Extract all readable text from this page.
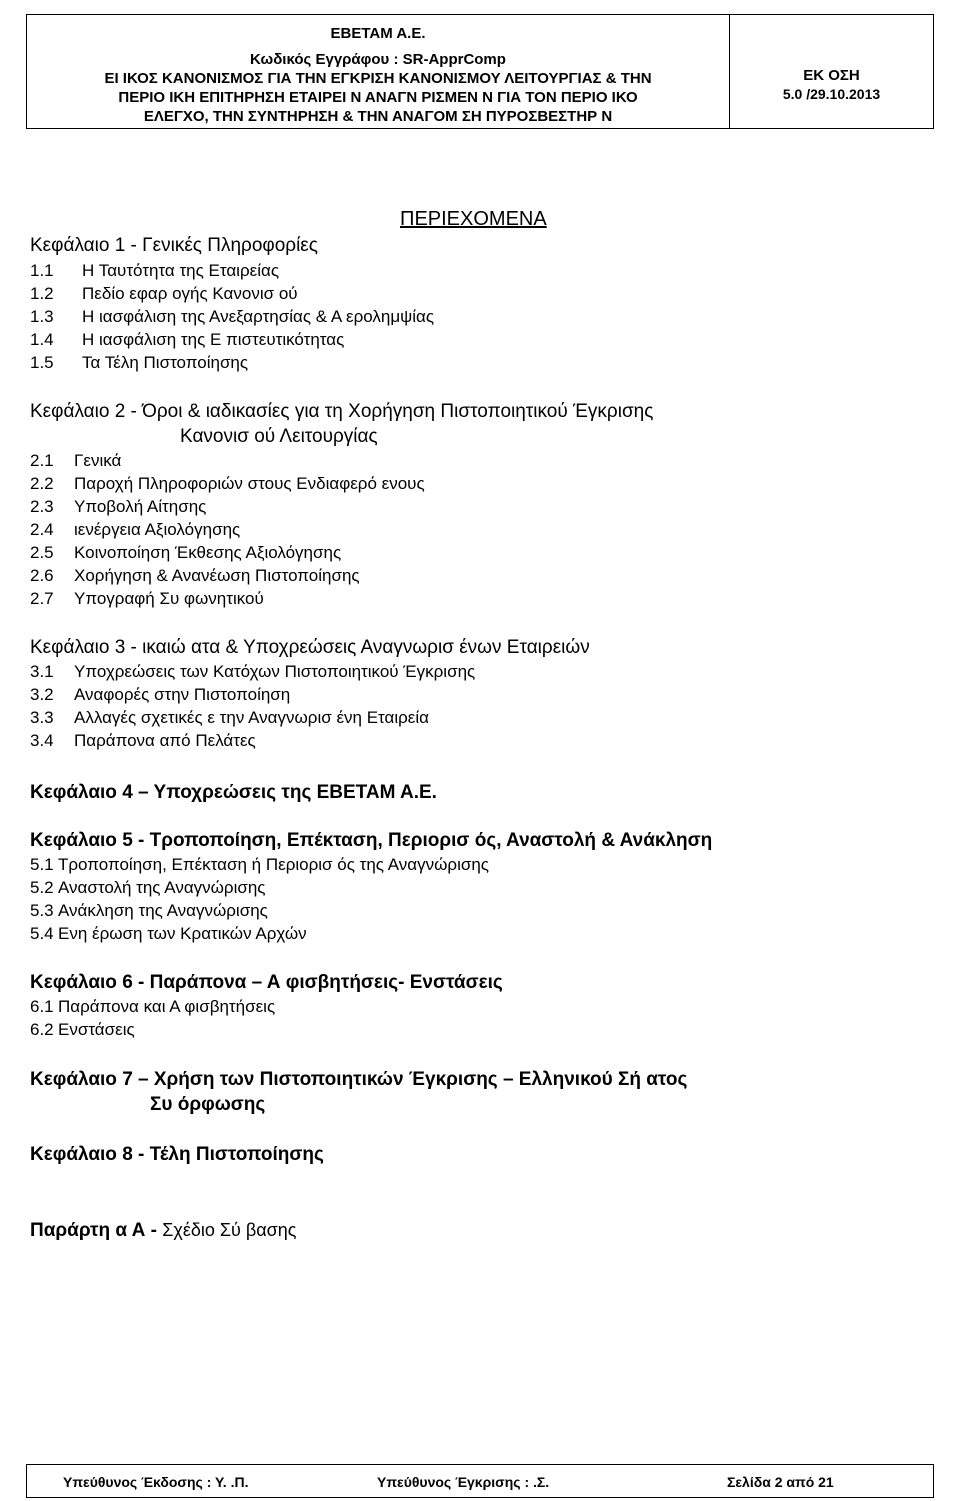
ΕΒΕΤΑΜ Α.Ε.
Κωδικός Εγγράφου : SR-ApprComp
ΕΙ ΙΚΟΣ ΚΑΝΟΝΙΣΜΟΣ ΓΙΑ ΤΗΝ ΕΓΚΡΙΣΗ ΚΑΝΟΝΙΣΜΟΥ ΛΕΙΤΟΥΡΓΙΑΣ & ΤΗΝ
ΠΕΡΙΟ ΙΚΗ ΕΠΙΤΗΡΗΣΗ ΕΤΑΙΡΕΙ Ν ΑΝΑΓΝ ΡΙΣΜΕΝ Ν ΓΙΑ ΤΟΝ ΠΕΡΙΟ ΙΚΟ
ΕΛΕΓΧΟ, ΤΗΝ ΣΥΝΤΗΡΗΣΗ & ΤΗΝ ΑΝΑΓΟΜ ΣΗ ΠΥΡΟΣΒΕΣΤΗΡ Ν
ΕΚ ΟΣΗ
5.0 /29.10.2013
ΠΕΡΙΕΧΟΜΕΝΑ
Κεφάλαιο 1 - Γενικές Πληροφορίες
1.1 Η Ταυτότητα της Εταιρείας
1.2 Πεδίο εφαρ ογής Κανονισ ού
1.3 Η ιασφάλιση της Ανεξαρτησίας & Α ερολημψίας
1.4 Η ιασφάλιση της Ε πιστευτικότητας
1.5 Τα Τέλη Πιστοποίησης
Κεφάλαιο 2 - Όροι & ιαδικασίες για τη Χορήγηση Πιστοποιητικού Έγκρισης
Κανονισ ού Λειτουργίας
2.1 Γενικά
2.2 Παροχή Πληροφοριών στους Ενδιαφερό ενους
2.3 Υποβολή Αίτησης
2.4 ιενέργεια Αξιολόγησης
2.5 Κοινοποίηση Έκθεσης Αξιολόγησης
2.6 Χορήγηση & Ανανέωση Πιστοποίησης
2.7 Υπογραφή Συ φωνητικού
Κεφάλαιο 3 - ικαιώ ατα & Υποχρεώσεις Αναγνωρισ ένων Εταιρειών
3.1 Υποχρεώσεις των Κατόχων Πιστοποιητικού Έγκρισης
3.2 Αναφορές στην Πιστοποίηση
3.3 Αλλαγές σχετικές ε την Αναγνωρισ ένη Εταιρεία
3.4 Παράπονα από Πελάτες
Κεφάλαιο 4 – Υποχρεώσεις της ΕΒΕΤΑΜ Α.Ε.
Κεφάλαιο 5 - Τροποποίηση, Επέκταση, Περιορισ ός, Αναστολή & Ανάκληση
5.1 Τροποποίηση, Επέκταση ή Περιορισ ός της Αναγνώρισης
5.2 Αναστολή της Αναγνώρισης
5.3 Ανάκληση της Αναγνώρισης
5.4 Ενη έρωση των Κρατικών Αρχών
Κεφάλαιο 6 - Παράπονα – Α φισβητήσεις- Ενστάσεις
6.1 Παράπονα και Α φισβητήσεις
6.2 Ενστάσεις
Κεφάλαιο 7 – Χρήση των Πιστοποιητικών Έγκρισης – Ελληνικού Σή ατος
Συ όρφωσης
Κεφάλαιο 8 - Τέλη Πιστοποίησης
Παράρτη α Α - Σχέδιο Σύ βασης
Υπεύθυνος Έκδοσης : Υ. .Π.	Υπεύθυνος Έγκρισης : .Σ.	Σελίδα 2 από 21
